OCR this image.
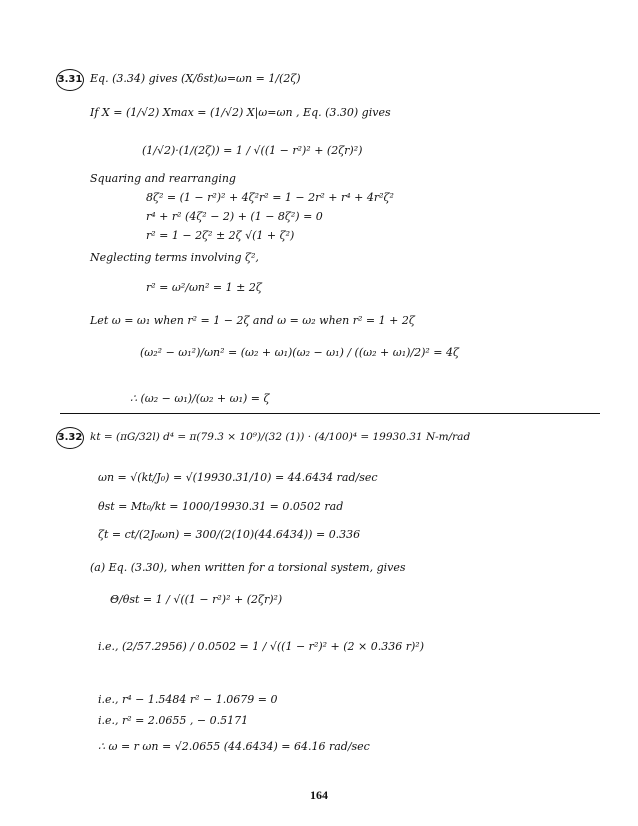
3.31 Eq. (3.34) gives (X/δst)ω=ωn = 1/(2ζ)
If X = (1/√2) Xmax = (1/√2) X|ω=ωn , Eq. (3.30) gives
(1/√2)·(1/(2ζ)) = 1 / √((1 − r²)² + (2ζr)²)
Squaring and rearranging
8ζ² = (1 − r²)² + 4ζ²r² = 1 − 2r² + r⁴ + 4r²ζ²
r⁴ + r² (4ζ² − 2) + (1 − 8ζ²) = 0
r² = 1 − 2ζ² ± 2ζ √(1 + ζ²)
Neglecting terms involving ζ²,
r² = ω²/ωn² = 1 ± 2ζ
Let ω = ω₁ when r² = 1 − 2ζ and ω = ω₂ when r² = 1 + 2ζ
(ω₂² − ω₁²)/ωn² = (ω₂ + ω₁)(ω₂ − ω₁) / ((ω₂ + ω₁)/2)² = 4ζ
∴ (ω₂ − ω₁)/(ω₂ + ω₁) = ζ
3.32 kt = (πG/32l) d⁴ = π(79.3 × 10⁹)/(32 (1)) · (4/100)⁴ = 19930.31 N-m/rad
ωn = √(kt/J₀) = √(19930.31/10) = 44.6434 rad/sec
θst = Mt₀/kt = 1000/19930.31 = 0.0502 rad
ζt = ct/(2J₀ωn) = 300/(2(10)(44.6434)) = 0.336
(a) Eq. (3.30), when written for a torsional system, gives
Θ/θst = 1 / √((1 − r²)² + (2ζr)²)
i.e., (2/57.2956) / 0.0502 = 1 / √((1 − r²)² + (2 × 0.336 r)²)
i.e., r⁴ − 1.5484 r² − 1.0679 = 0
i.e., r² = 2.0655 , − 0.5171
∴ ω = r ωn = √2.0655 (44.6434) = 64.16 rad/sec
164
